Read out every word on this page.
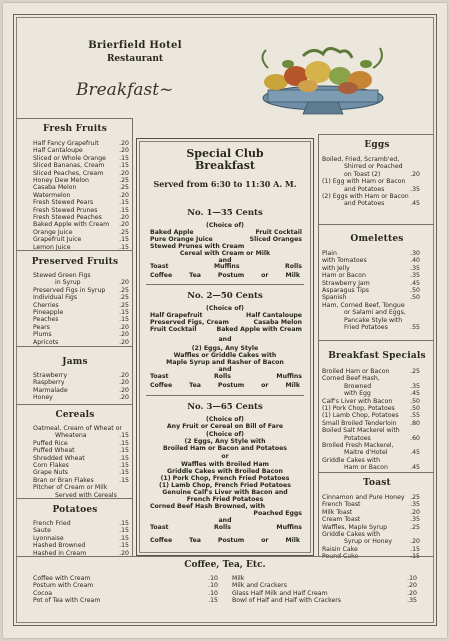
Brierfield Hotel
Restaurant
Breakfast~
Fresh Fruits
Half Fancy Grapefruit	.20
Half Cantaloupe	.20
Sliced or Whole Orange .15
Sliced Bananas, Cream .15
Sliced Peaches, Cream	.20
Honey Dew Melon	.25
Casaba Melon	.25
Watermelon	.20
Fresh Stewed Pears	.15
Fresh Stewed Prunes	.15
Fresh Stewed Peaches	.20
Baked Apple with Cream .20
Orange Juice	.25
Grapefruit Juice	.15
Lemon Juice	.15
Preserved Fruits
Stewed Green Figs
in Syrup	.20
Preserved Figs in Syrup .25
Individual Figs	.25
Cherries	.25
Pineapple	.15
Peaches	.15
Pears	.20
Plums	.20
Apricots	.20
Jams
Strawberry	.20
Raspberry	.20
Marmalade	.20
Honey	.20
Cereals
Oatmeal, Cream of Wheat or
Wheatena	.15
Puffed Rice	.15
Puffed Wheat	.15
Shredded Wheat	.15
Corn Flakes	.15
Grape Nuts	.15
Bran or Bran Flakes	.15
Pitcher of Cream or Milk
Served with Cereals
Potatoes
French Fried	.15
Saute	.15
Lyonnaise	.15
Hashed Browned	.15
Hashed in Cream	.20
Special Club
Breakfast
Served from 6:30 to 11:30 A. M.
No. 1—35 Cents
(Choice of)
Baked Apple	Fruit Cocktail
Pure Orange Juice	Sliced Oranges
Stewed Prunes with Cream
Cereal with Cream or Milk
and
Toast	Muffins	Rolls
Coffee	Tea	Postum	or	Milk
No. 2—50 Cents
(Choice of)
Half Grapefruit	Half Cantaloupe
Preserved Figs, Cream	Casaba Melon
Fruit Cocktail	Baked Apple with Cream
and
(2) Eggs, Any Style
Waffles or Griddle Cakes with
Maple Syrup and Rasher of Bacon
and
Toast	Rolls	Muffins
Coffee	Tea	Postum	or	Milk
No. 3—65 Cents
(Choice of)
Any Fruit or Cereal on Bill of Fare
(Choice of)
(2 Eggs, Any Style with
Broiled Ham or Bacon and Potatoes
or
Waffles with Broiled Ham
Griddle Cakes with Broiled Bacon
(1) Pork Chop, French Fried Potatoes
(1) Lamb Chop, French Fried Potatoes
Genuine Calf's Liver with Bacon and
French Fried Potatoes
Corned Beef Hash Browned, with
Poached Eggs
and
Toast	Rolls	Muffins
Coffee	Tea	Postum	or	Milk
Eggs
Boiled, Fried, Scramb'ed,
Shirred or Poached
on Toast (2)	.20
(1) Egg with Ham or Bacon
and Potatoes	.35
(2) Eggs with Ham or Bacon
and Potatoes	.45
Omelettes
Plain	.30
with Tomatoes	.40
with Jelly	.35
Ham or Bacon	.35
Strawberry Jam	.45
Asparagus Tips	.50
Spanish	.50
Ham, Corned Beef, Tongue
or Salami and Eggs,
Pancake Style with
Fried Potatoes	.55
Breakfast Specials
Broiled Ham or Bacon	.25
Corned Beef Hash,
Browned	.35
with Egg	.45
Calf's Liver with Bacon	.50
(1) Pork Chop, Potatoes .50
(1) Lamb Chop, Potatoes .55
Small Broiled Tenderloin .80
Boiled Salt Mackerel with
Potatoes	.60
Broiled Fresh Mackerel,
Maitre d'Hotel	.45
Griddle Cakes with
Ham or Bacon	.45
Toast
Cinnamon and Pure Honey .25
French Toast	.35
Milk Toast	.20
Cream Toast	.35
Waffles, Maple Syrup	.25
Griddle Cakes with
Syrup or Honey	.20
Raisin Cake	.15
Pound Cake	.15
Coffee, Tea, Etc.
Coffee with Cream	.10
Postum with Cream	.10
Cocoa	.10
Pot of Tea with Cream	.15
Milk	.10
Milk and Crackers	.20
Glass Half Milk and Half Cream	.20
Bowl of Half and Half with Crackers	.35
